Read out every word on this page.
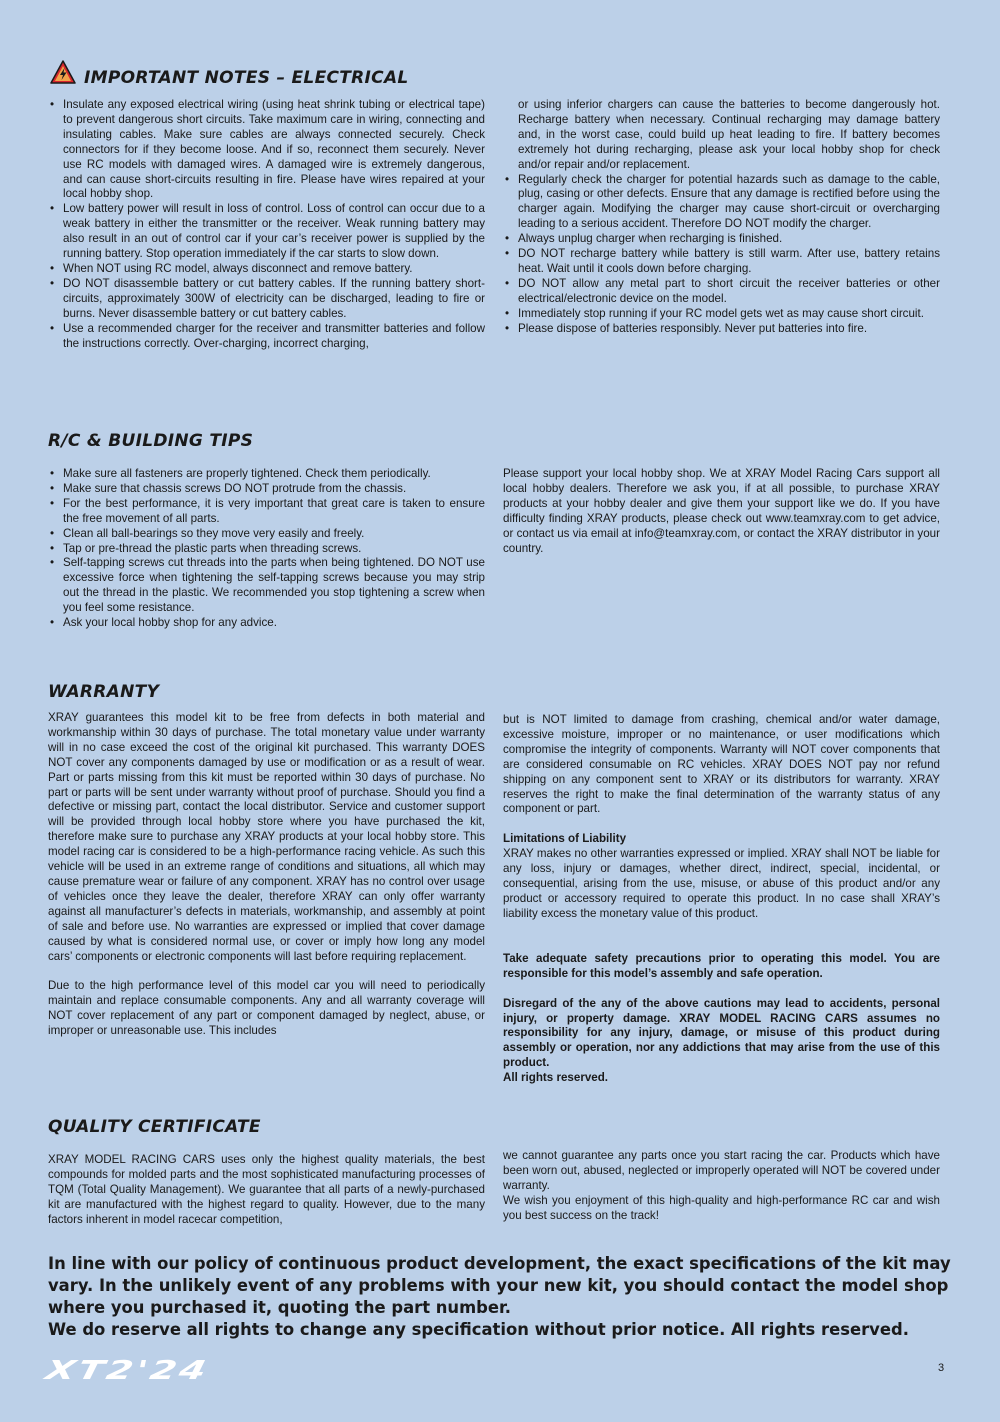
IMPORTANT NOTES – ELECTRICAL
• Insulate any exposed electrical wiring (using heat shrink tubing or electrical tape) to prevent dangerous short circuits. Take maximum care in wiring, connecting and insulating cables. Make sure cables are always connected securely. Check connectors for if they become loose. And if so, reconnect them securely. Never use RC models with damaged wires. A damaged wire is extremely dangerous, and can cause short-circuits resulting in fire. Please have wires repaired at your local hobby shop.
• Low battery power will result in loss of control. Loss of control can occur due to a weak battery in either the transmitter or the receiver. Weak running battery may also result in an out of control car if your car’s receiver power is supplied by the running battery. Stop operation immediately if the car starts to slow down.
• When NOT using RC model, always disconnect and remove battery.
• DO NOT disassemble battery or cut battery cables. If the running battery short-circuits, approximately 300W of electricity can be discharged, leading to fire or burns. Never disassemble battery or cut battery cables.
• Use a recommended charger for the receiver and transmitter batteries and follow the instructions correctly. Over-charging, incorrect charging,

or using inferior chargers can cause the batteries to become dangerously hot. Recharge battery when necessary. Continual recharging may damage battery and, in the worst case, could build up heat leading to fire. If battery becomes extremely hot during recharging, please ask your local hobby shop for check and/or repair and/or replacement.

• Regularly check the charger for potential hazards such as damage to the cable, plug, casing or other defects. Ensure that any damage is rectified before using the charger again. Modifying the charger may cause short-circuit or overcharging leading to a serious accident. Therefore DO NOT modify the charger.
• Always unplug charger when recharging is finished.
• DO NOT recharge battery while battery is still warm. After use, battery retains heat. Wait until it cools down before charging.
• DO NOT allow any metal part to short circuit the receiver batteries or other electrical/electronic device on the model.
• Immediately stop running if your RC model gets wet as may cause short circuit.
• Please dispose of batteries responsibly. Never put batteries into fire.
R/C & BUILDING TIPS
• Make sure all fasteners are properly tightened. Check them periodically.
• Make sure that chassis screws DO NOT protrude from the chassis.
• For the best performance, it is very important that great care is taken to ensure the free movement of all parts.
• Clean all ball-bearings so they move very easily and freely.
• Tap or pre-thread the plastic parts when threading screws.
• Self-tapping screws cut threads into the parts when being tightened. DO NOT use excessive force when tightening the self-tapping screws because you may strip out the thread in the plastic. We recommended you stop tightening a screw when you feel some resistance.
• Ask your local hobby shop for any advice.

Please support your local hobby shop. We at XRAY Model Racing Cars support all local hobby dealers. Therefore we ask you, if at all possible, to purchase XRAY products at your hobby dealer and give them your support like we do. If you have difficulty finding XRAY products, please check out www.teamxray.com to get advice, or contact us via email at info@teamxray.com, or contact the XRAY distributor in your country.

WARRANTY

XRAY guarantees this model kit to be free from defects in both material and workmanship within 30 days of purchase. The total monetary value under warranty will in no case exceed the cost of the original kit purchased. This warranty DOES NOT cover any components damaged by use or modification or as a result of wear. Part or parts missing from this kit must be reported within 30 days of purchase. No part or parts will be sent under warranty without proof of purchase. Should you find a defective or missing part, contact the local distributor. Service and customer support will be provided through local hobby store where you have purchased the kit, therefore make sure to purchase any XRAY products at your local hobby store. This model racing car is considered to be a high-performance racing vehicle. As such this vehicle will be used in an extreme range of conditions and situations, all which may cause premature wear or failure of any component. XRAY has no control over usage of vehicles once they leave the dealer, therefore XRAY can only offer warranty against all manufacturer’s defects in materials, workmanship, and assembly at point of sale and before use. No warranties are expressed or implied that cover damage caused by what is considered normal use, or cover or imply how long any model cars’ components or electronic components will last before requiring replacement.

Due to the high performance level of this model car you will need to periodically maintain and replace consumable components. Any and all warranty coverage will NOT cover replacement of any part or component damaged by neglect, abuse, or improper or unreasonable use. This includes

but is NOT limited to damage from crashing, chemical and/or water damage, excessive moisture, improper or no maintenance, or user modifications which compromise the integrity of components. Warranty will NOT cover components that are considered consumable on RC vehicles. XRAY DOES NOT pay nor refund shipping on any component sent to XRAY or its distributors for warranty. XRAY reserves the right to make the final determination of the warranty status of any component or part.

Limitations of Liability

XRAY makes no other warranties expressed or implied. XRAY shall NOT be liable for any loss, injury or damages, whether direct, indirect, special, incidental, or consequential, arising from the use, misuse, or abuse of this product and/or any product or accessory required to operate this product. In no case shall XRAY’s liability excess the monetary value of this product.

Take adequate safety precautions prior to operating this model. You are responsible for this model’s assembly and safe operation.

Disregard of the any of the above cautions may lead to accidents, personal injury, or property damage. XRAY MODEL RACING CARS assumes no responsibility for any injury, damage, or misuse of this product during assembly or operation, nor any addictions that may arise from the use of this product.

All rights reserved.

QUALITY CERTIFICATE

XRAY MODEL RACING CARS uses only the highest quality materials, the best compounds for molded parts and the most sophisticated manufacturing processes of TQM (Total Quality Management). We guarantee that all parts of a newly-purchased kit are manufactured with the highest regard to quality. However, due to the many factors inherent in model racecar competition,

we cannot guarantee any parts once you start racing the car. Products which have been worn out, abused, neglected or improperly operated will NOT be covered under warranty.

We wish you enjoyment of this high-quality and high-performance RC car and wish you best success on the track!

In line with our policy of continuous product development, the exact specifications of the kit may vary. In the unlikely event of any problems with your new kit, you should contact the model shop where you purchased it, quoting the part number.

We do reserve all rights to change any specification without prior notice. All rights reserved.

XT2'24	3
